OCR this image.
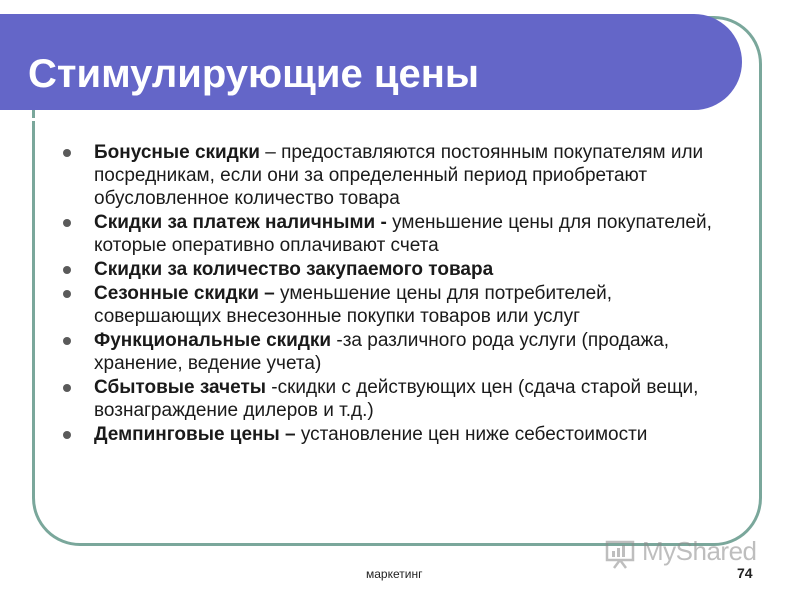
Стимулирующие цены
Бонусные скидки – предоставляются постоянным покупателям или посредникам, если они за определенный период приобретают обусловленное количество товара
Скидки за платеж наличными - уменьшение цены для покупателей, которые оперативно оплачивают счета
Скидки за количество закупаемого товара
Сезонные скидки – уменьшение цены для потребителей, совершающих внесезонные покупки товаров или услуг
Функциональные скидки -за различного рода услуги (продажа, хранение, ведение учета)
Сбытовые зачеты -скидки с действующих цен (сдача старой вещи, вознаграждение дилеров и т.д.)
Демпинговые цены – установление цен ниже себестоимости
MyShared
маркетинг	74
